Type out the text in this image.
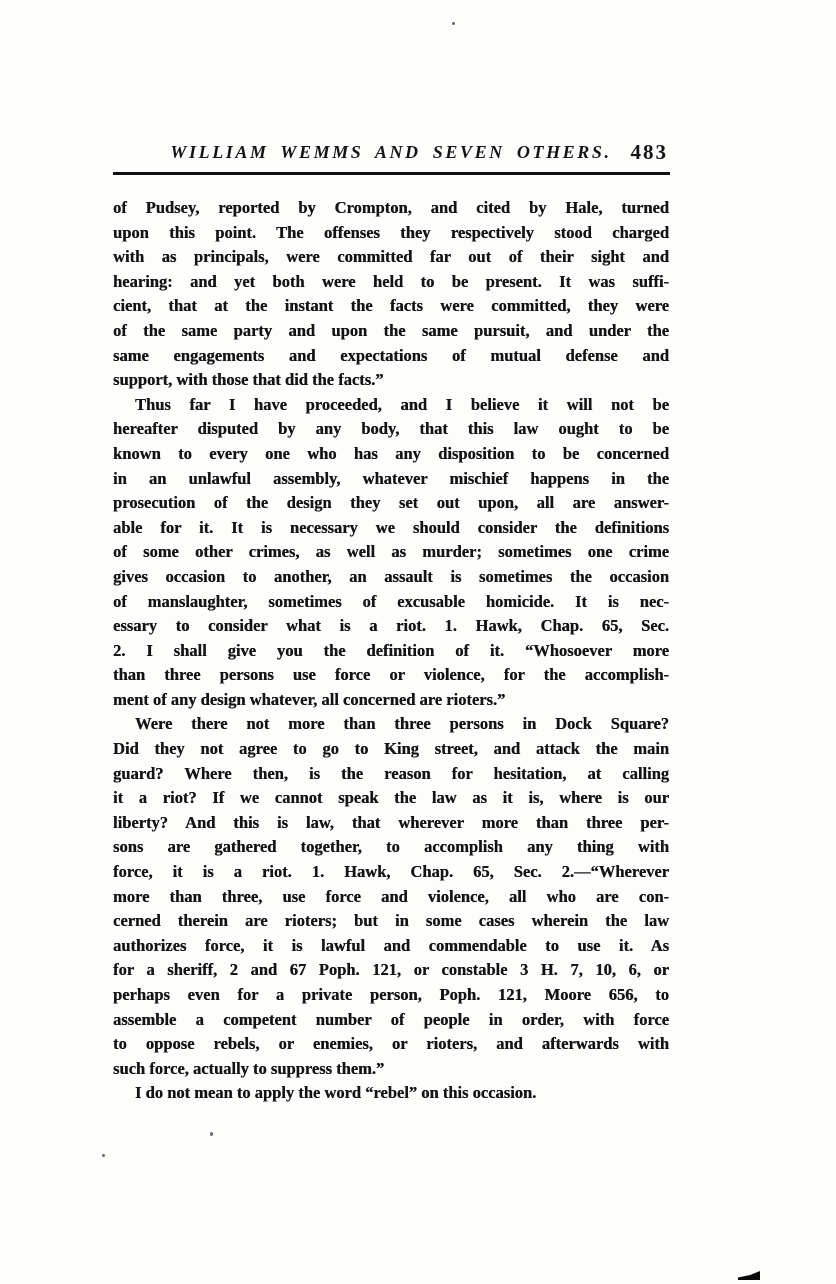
WILLIAM WEMMS AND SEVEN OTHERS. 483
of Pudsey, reported by Crompton, and cited by Hale, turned
upon this point. The offenses they respectively stood charged
with as principals, were committed far out of their sight and
hearing: and yet both were held to be present. It was suffi-
cient, that at the instant the facts were committed, they were
of the same party and upon the same pursuit, and under the
same engagements and expectations of mutual defense and
support, with those that did the facts.”
Thus far I have proceeded, and I believe it will not be
hereafter disputed by any body, that this law ought to be
known to every one who has any disposition to be concerned
in an unlawful assembly, whatever mischief happens in the
prosecution of the design they set out upon, all are answer-
able for it. It is necessary we should consider the definitions
of some other crimes, as well as murder; sometimes one crime
gives occasion to another, an assault is sometimes the occasion
of manslaughter, sometimes of excusable homicide. It is nec-
essary to consider what is a riot. 1. Hawk, Chap. 65, Sec.
2. I shall give you the definition of it. “Whosoever more
than three persons use force or violence, for the accomplish-
ment of any design whatever, all concerned are rioters.”
Were there not more than three persons in Dock Square?
Did they not agree to go to King street, and attack the main
guard? Where then, is the reason for hesitation, at calling
it a riot? If we cannot speak the law as it is, where is our
liberty? And this is law, that wherever more than three per-
sons are gathered together, to accomplish any thing with
force, it is a riot. 1. Hawk, Chap. 65, Sec. 2.—“Wherever
more than three, use force and violence, all who are con-
cerned therein are rioters; but in some cases wherein the law
authorizes force, it is lawful and commendable to use it. As
for a sheriff, 2 and 67 Poph. 121, or constable 3 H. 7, 10, 6, or
perhaps even for a private person, Poph. 121, Moore 656, to
assemble a competent number of people in order, with force
to oppose rebels, or enemies, or rioters, and afterwards with
such force, actually to suppress them.”
I do not mean to apply the word “rebel” on this occasion.
